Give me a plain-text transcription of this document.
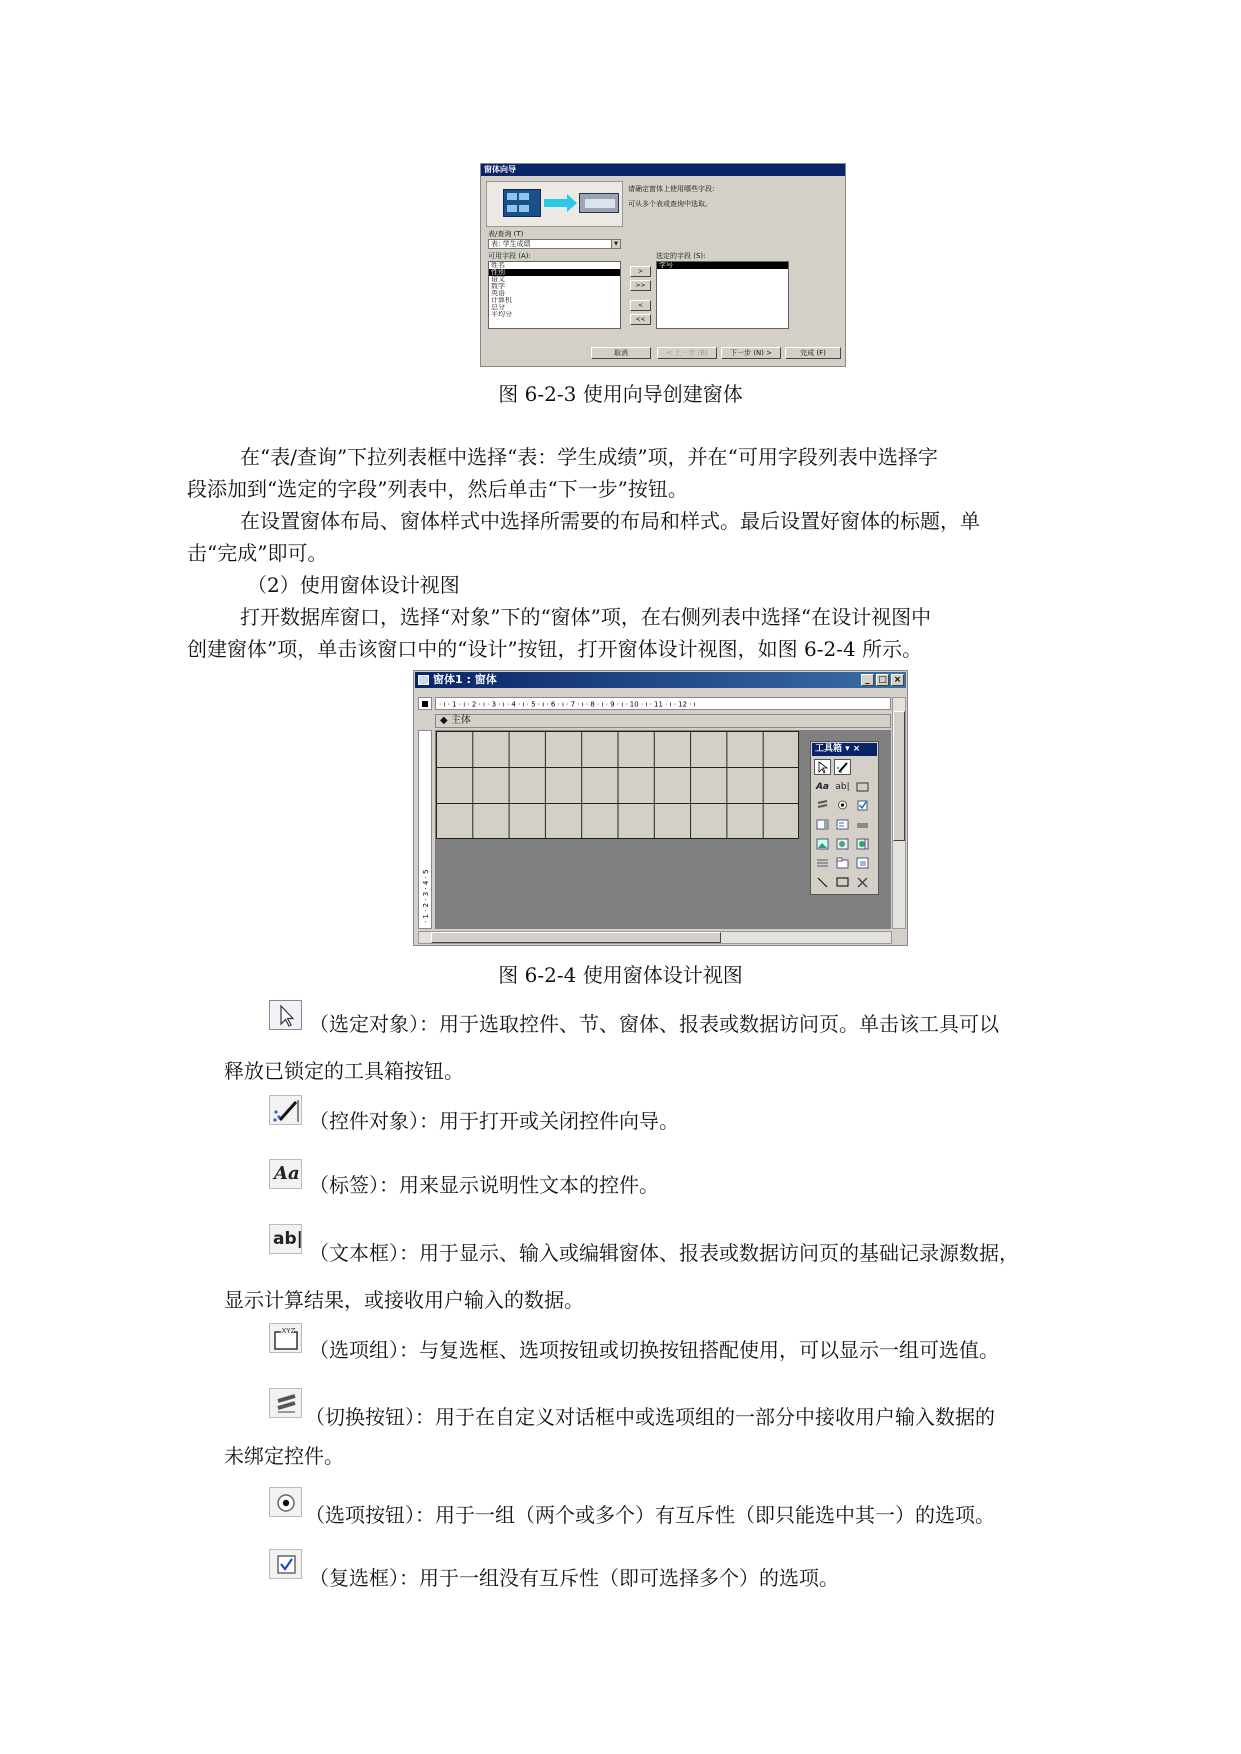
窗体向导
请确定窗体上使用哪些字段:
可从多个表或查询中选取。
表/查询 (T)
表: 学生成绩	▼
可用字段 (A):	选定的字段 (S):
姓名
性别
语文
数学
英语
计算机
总分
平均分
>
>>
<
<<
学号
取消	< 上一步 (B)	下一步 (N) >	完成 (F)
图 6-2-3 使用向导创建窗体
在“表/查询”下拉列表框中选择“表：学生成绩”项，并在“可用字段列表中选择字
段添加到“选定的字段”列表中，然后单击“下一步”按钮。
在设置窗体布局、窗体样式中选择所需要的布局和样式。最后设置好窗体的标题，单
击“完成”即可。
（2）使用窗体设计视图
打开数据库窗口，选择“对象”下的“窗体”项，在右侧列表中选择“在设计视图中
创建窗体”项，单击该窗口中的“设计”按钮，打开窗体设计视图，如图 6-2-4 所示。
窗体1 : 窗体	_ □ ×
· ı · 1 · ı · 2 · ı · 3 · ı · 4 · ı · 5 · ı · 6 · ı · 7 · ı · 8 · ı · 9 · ı · 10 · ı · 11 · ı · 12 · ı
◆ 主体
· 1 · 2 · 3 · 4 · 5
工具箱 ▾ ×
Aa ab|
图 6-2-4 使用窗体设计视图
（选定对象）：用于选取控件、节、窗体、报表或数据访问页。单击该工具可以
释放已锁定的工具箱按钮。
（控件对象）：用于打开或关闭控件向导。
Aa （标签）：用来显示说明性文本的控件。
ab|
（文本框）：用于显示、输入或编辑窗体、报表或数据访问页的基础记录源数据，
显示计算结果，或接收用户输入的数据。
XYZ
（选项组）：与复选框、选项按钮或切换按钮搭配使用，可以显示一组可选值。
（切换按钮）：用于在自定义对话框中或选项组的一部分中接收用户输入数据的
未绑定控件。
（选项按钮）：用于一组（两个或多个）有互斥性（即只能选中其一）的选项。
（复选框）：用于一组没有互斥性（即可选择多个）的选项。
